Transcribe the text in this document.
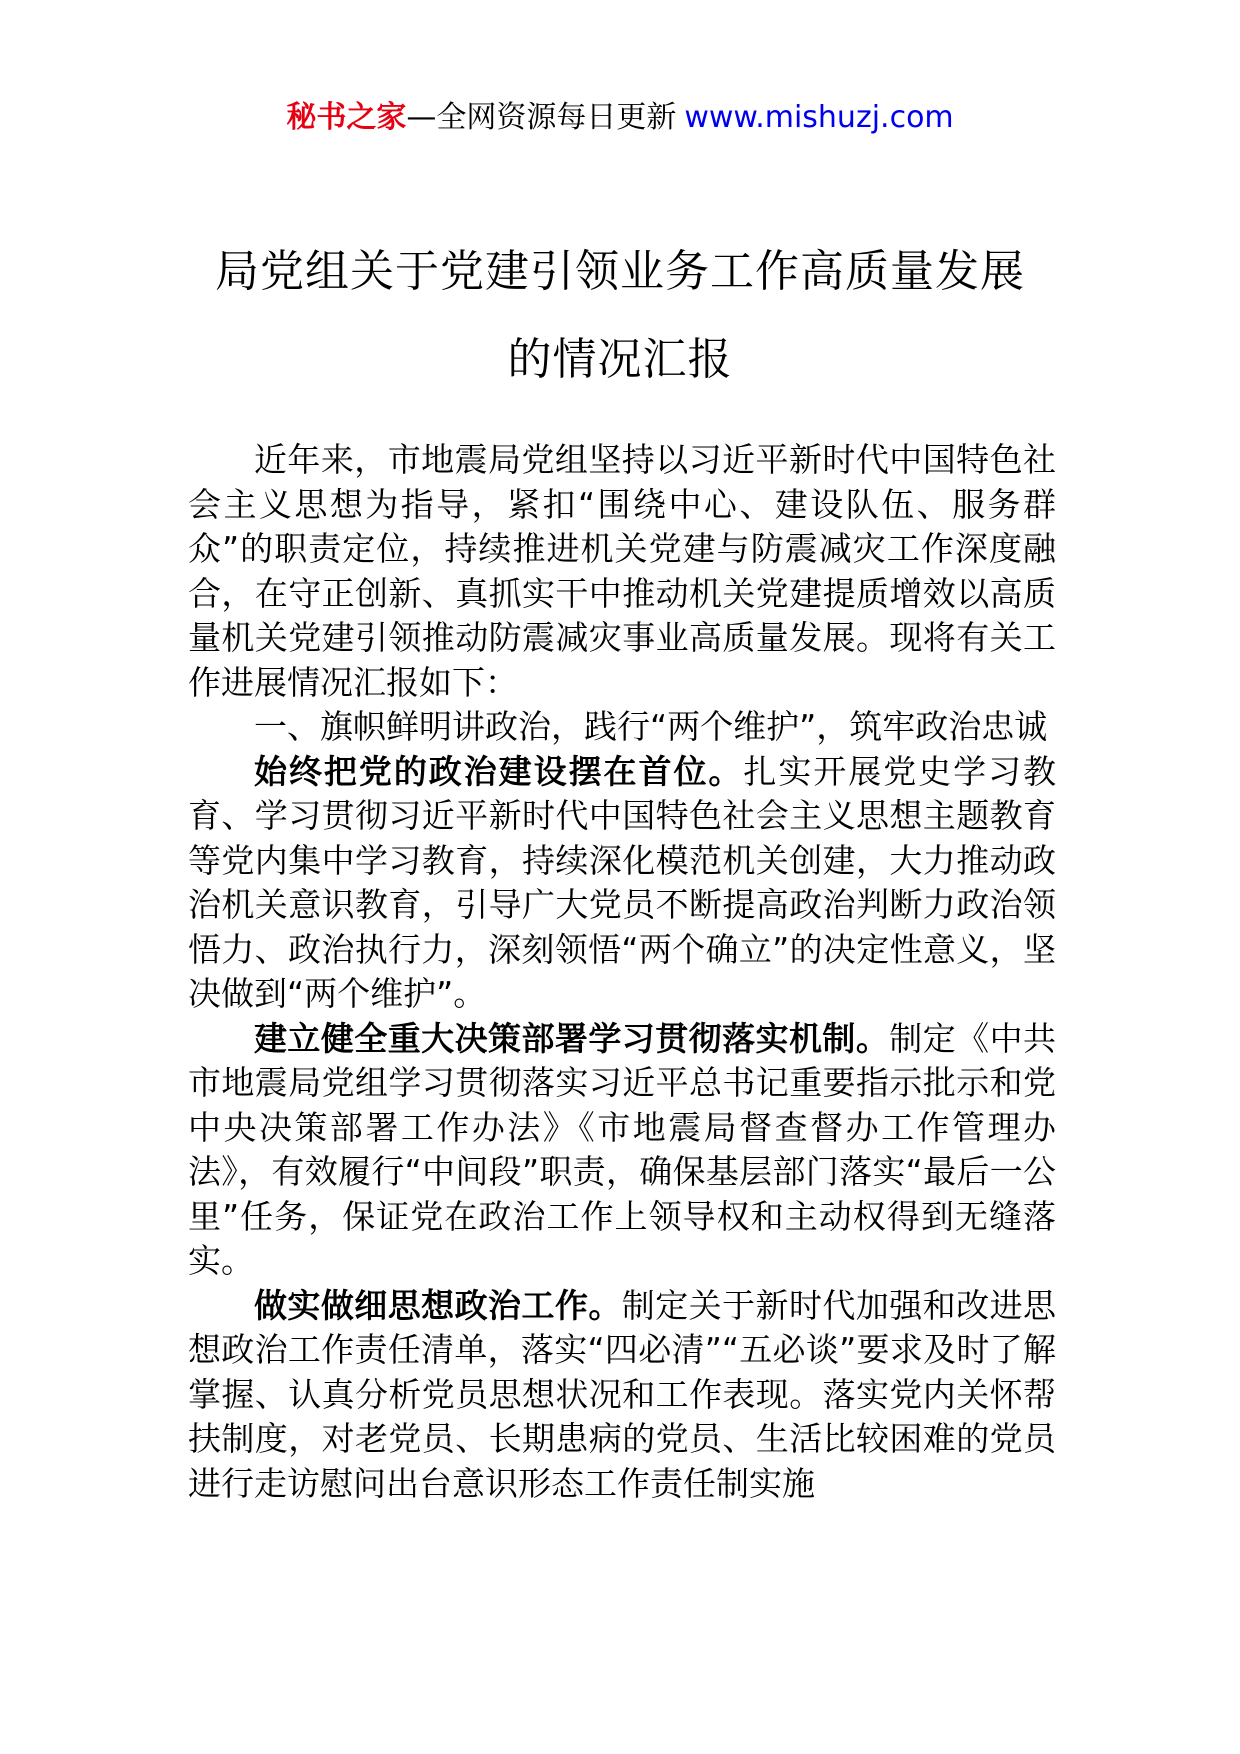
秘书之家—全网资源每日更新 www.mishuzj.com
局党组关于党建引领业务工作高质量发展
的情况汇报

近年来，市地震局党组坚持以习近平新时代中国特色社会主义思想为指导，紧扣“围绕中心、建设队伍、服务群众”的职责定位，持续推进机关党建与防震减灾工作深度融合，在守正创新、真抓实干中推动机关党建提质增效以高质量机关党建引领推动防震减灾事业高质量发展。现将有关工作进展情况汇报如下：

一、旗帜鲜明讲政治，践行“两个维护”，筑牢政治忠诚

始终把党的政治建设摆在首位。扎实开展党史学习教育、学习贯彻习近平新时代中国特色社会主义思想主题教育等党内集中学习教育，持续深化模范机关创建，大力推动政治机关意识教育，引导广大党员不断提高政治判断力政治领悟力、政治执行力，深刻领悟“两个确立”的决定性意义，坚决做到“两个维护”。

建立健全重大决策部署学习贯彻落实机制。制定《中共市地震局党组学习贯彻落实习近平总书记重要指示批示和党中央决策部署工作办法》《市地震局督查督办工作管理办法》，有效履行“中间段”职责，确保基层部门落实“最后一公里”任务，保证党在政治工作上领导权和主动权得到无缝落实。

做实做细思想政治工作。制定关于新时代加强和改进思想政治工作责任清单，落实“四必清”“五必谈”要求及时了解掌握、认真分析党员思想状况和工作表现。落实党内关怀帮扶制度，对老党员、长期患病的党员、生活比较困难的党员进行走访慰问出台意识形态工作责任制实施
